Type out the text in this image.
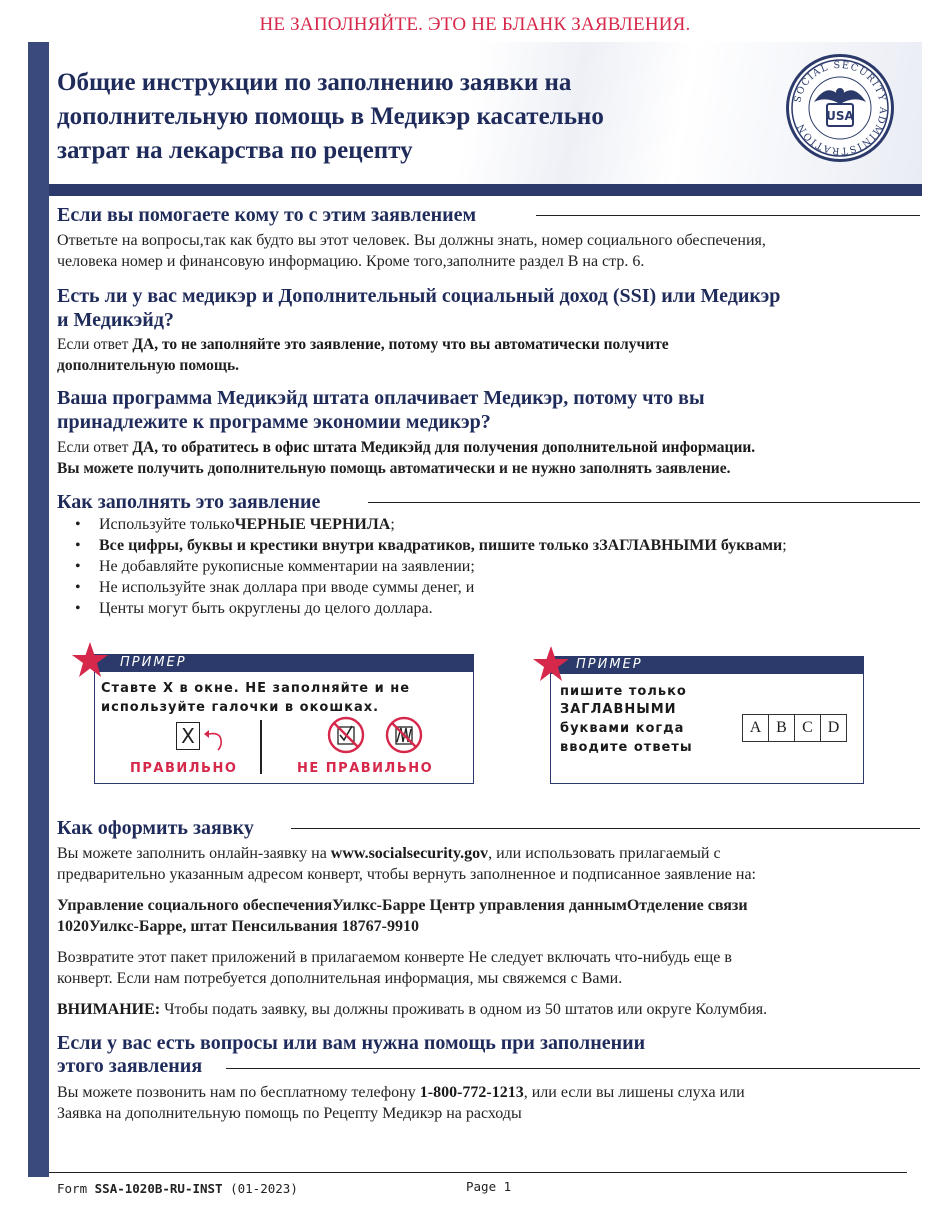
НЕ ЗАПОЛНЯЙТЕ. ЭТО НЕ БЛАНК ЗАЯВЛЕНИЯ.
Общие инструкции по заполнению заявки на
дополнительную помощь в Медикэр касательно
затрат на лекарства по рецепту
SOCIAL SECURITY ADMINISTRATION
USA
Если вы помогаете кому то с этим заявлением

Ответьте на вопросы,так как будто вы этот человек. Вы должны знать, номер социального обеспечения,

человека номер и финансовую информацию. Кроме того,заполните раздел B на стр. 6.

Есть ли у вас медикэр и Дополнительный социальный доход (SSI) или Медикэр
и Медикэйд?

Если ответ ДА, то не заполняйте это заявление, потому что вы автоматически получите

дополнительную помощь.

Ваша программа Медикэйд штата оплачивает Медикэр, потому что вы
принадлежите к программе экономии медикэр?

Если ответ ДА, то обратитесь в офис штата Медикэйд для получения дополнительной информации.

Вы можете получить дополнительную помощь автоматически и не нужно заполнять заявление.

Как заполнять это заявление
• Используйте толькоЧЕРНЫЕ ЧЕРНИЛА;
• Все цифры, буквы и крестики внутри квадратиков, пишите только зЗАГЛАВНЫМИ буквами;
• Не добавляйте рукописные комментарии на заявлении;
• Не используйте знак доллара при вводе суммы денег, и
• Центы могут быть округлены до целого доллара.
ПРИМЕР
Ставте X в окне. НЕ заполняйте и не
используйте галочки в окошках.
X
ПРАВИЛЬНО	НЕ ПРАВИЛЬНО
ПРИМЕР
пишите только
ЗАГЛАВНЫМИ
буквами когда
вводите ответы
A B C D
Как оформить заявку

Вы можете заполнить онлайн-заявку на www.socialsecurity.gov, или использовать прилагаемый с

предварительно указанным адресом конверт, чтобы вернуть заполненное и подписанное заявление на:

Управление социального обеспеченияУилкс-Барре Центр управления даннымОтделение связи

1020Уилкс-Барре, штат Пенсильвания 18767-9910

Возвратите этот пакет приложений в прилагаемом конверте Не следует включать что-нибудь еще в

конверт. Если нам потребуется дополнительная информация, мы свяжемся с Вами.

ВНИМАНИЕ: Чтобы подать заявку, вы должны проживать в одном из 50 штатов или округе Колумбия.

Если у вас есть вопросы или вам нужна помощь при заполнении
этого заявления

Вы можете позвонить нам по бесплатному телефону 1-800-772-1213, или если вы лишены слуха или

Заявка на дополнительную помощь по Рецепту Медикэр на расходы

Form SSA-1020B-RU-INST (01-2023)	Page 1
